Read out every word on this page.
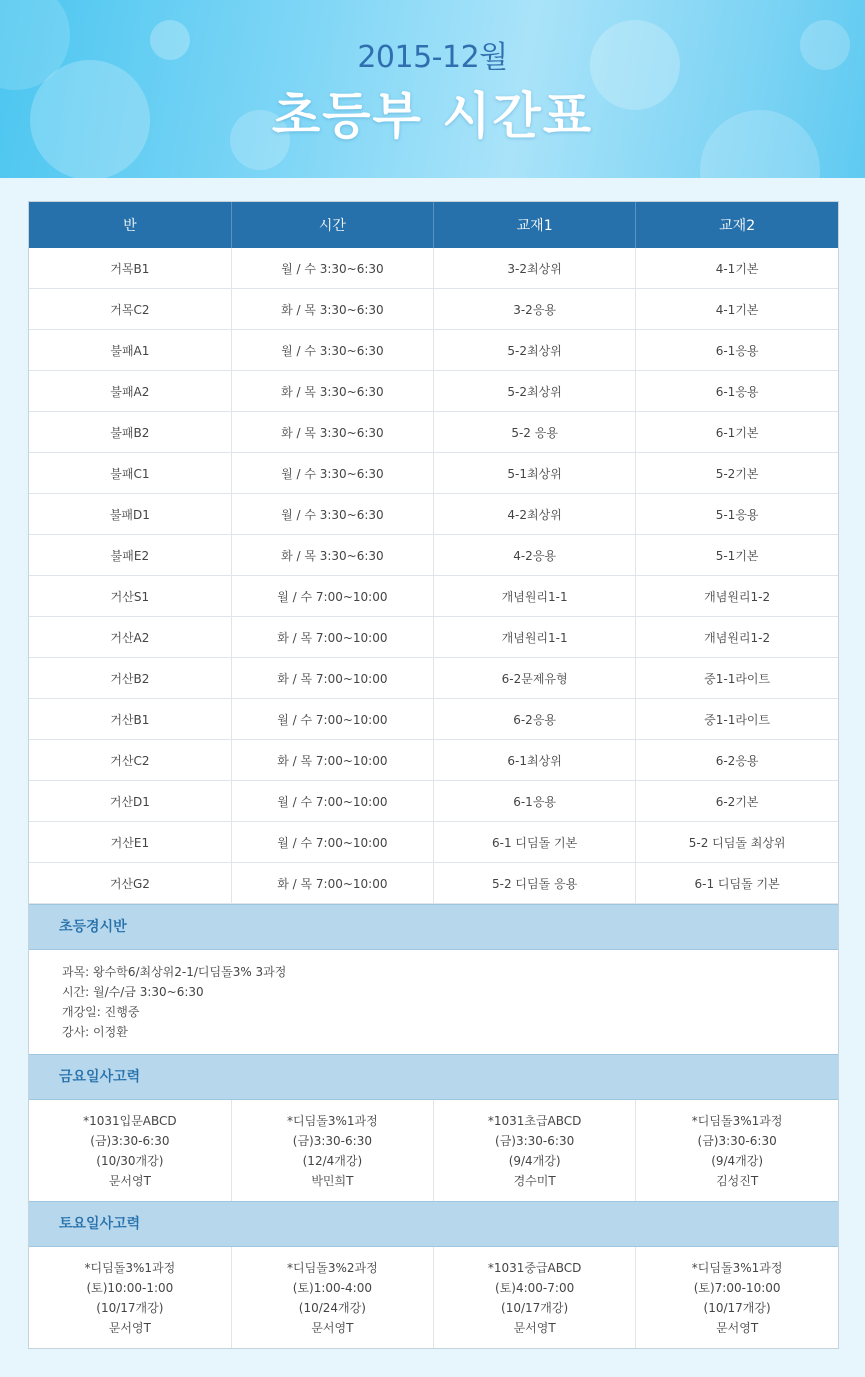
2015-12월
초등부 시간표
반	시간	교재1	교재2
거목B1	월 / 수 3:30~6:30	3-2최상위	4-1기본
거목C2	화 / 목 3:30~6:30	3-2응용	4-1기본
불패A1	월 / 수 3:30~6:30	5-2최상위	6-1응용
불패A2	화 / 목 3:30~6:30	5-2최상위	6-1응용
불패B2	화 / 목 3:30~6:30	5-2 응용	6-1기본
불패C1	월 / 수 3:30~6:30	5-1최상위	5-2기본
불패D1	월 / 수 3:30~6:30	4-2최상위	5-1응용
불패E2	화 / 목 3:30~6:30	4-2응용	5-1기본
거산S1	월 / 수 7:00~10:00	개념원리1-1	개념원리1-2
거산A2	화 / 목 7:00~10:00	개념원리1-1	개념원리1-2
거산B2	화 / 목 7:00~10:00	6-2문제유형	중1-1라이트
거산B1	월 / 수 7:00~10:00	6-2응용	중1-1라이트
거산C2	화 / 목 7:00~10:00	6-1최상위	6-2응용
거산D1	월 / 수 7:00~10:00	6-1응용	6-2기본
거산E1	월 / 수 7:00~10:00	6-1 디딤돌 기본	5-2 디딤돌 최상위
거산G2	화 / 목 7:00~10:00	5-2 디딤돌 응용	6-1 디딤돌 기본
초등경시반
과목: 왕수학6/최상위2-1/디딤돌3% 3과정
시간: 월/수/금 3:30~6:30
개강일: 진행중
강사: 이정환
금요일사고력
*1031입문ABCD
(금)3:30-6:30
(10/30개강)
문서영T

*디딤돌3%1과정
(금)3:30-6:30
(12/4개강)
박민희T

*1031초급ABCD
(금)3:30-6:30
(9/4개강)
경수미T

*디딤돌3%1과정
(금)3:30-6:30
(9/4개강)
김성진T
토요일사고력
*디딤돌3%1과정
(토)10:00-1:00
(10/17개강)
문서영T

*디딤돌3%2과정
(토)1:00-4:00
(10/24개강)
문서영T

*1031중급ABCD
(토)4:00-7:00
(10/17개강)
문서영T

*디딤돌3%1과정
(토)7:00-10:00
(10/17개강)
문서영T
